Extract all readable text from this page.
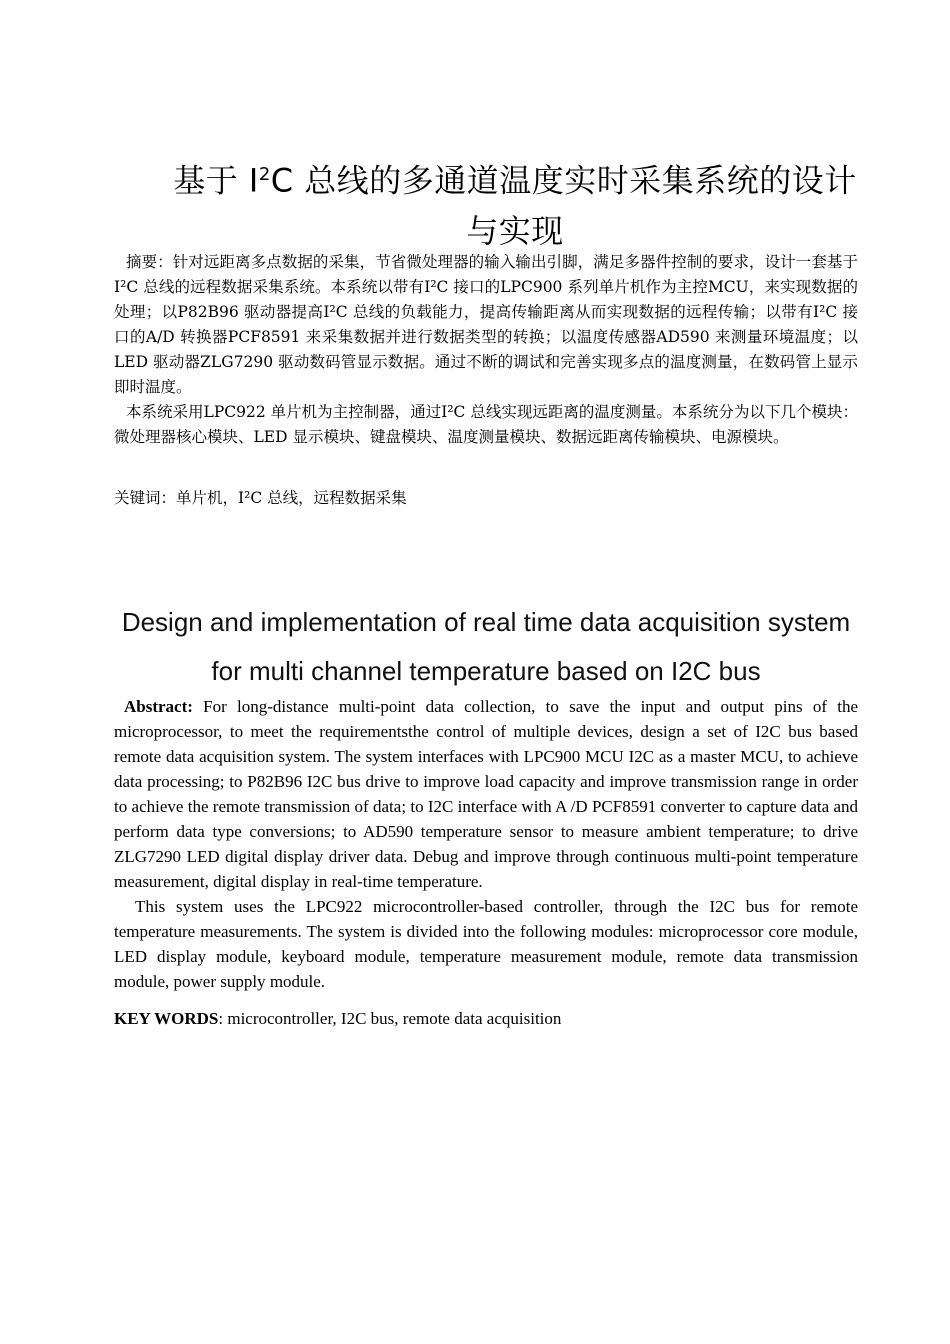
基于 $I^2C$ 总线的多通道温度实时采集系统的设计与实现

摘要：针对远距离多点数据的采集，节省微处理器的输入输出引脚，满足多器件控制的要求，设计一套基于I²C 总线的远程数据采集系统。本系统以带有I²C 接口的LPC900 系列单片机作为主控MCU，来实现数据的处理；以P82B96 驱动器提高I²C 总线的负载能力，提高传输距离从而实现数据的远程传输；以带有I²C 接口的A/D 转换器PCF8591 来采集数据并进行数据类型的转换；以温度传感器AD590 来测量环境温度；以LED 驱动器ZLG7290 驱动数码管显示数据。通过不断的调试和完善实现多点的温度测量，在数码管上显示即时温度。

本系统采用LPC922 单片机为主控制器，通过I²C 总线实现远距离的温度测量。本系统分为以下几个模块：微处理器核心模块、LED 显示模块、键盘模块、温度测量模块、数据远距离传输模块、电源模块。

关键词：单片机，I²C 总线，远程数据采集

Design and implementation of real time data acquisition system
for multi channel temperature based on I2C bus

Abstract: For long-distance multi-point data collection, to save the input and output pins of the microprocessor, to meet the requirementsthe control of multiple devices, design a set of I2C bus based remote data acquisition system. The system interfaces with LPC900 MCU I2C as a master MCU, to achieve data processing; to P82B96 I2C bus drive to improve load capacity and improve transmission range in order to achieve the remote transmission of data; to I2C interface with A /D PCF8591 converter to capture data and perform data type conversions; to AD590 temperature sensor to measure ambient temperature; to drive ZLG7290 LED digital display driver data. Debug and improve through continuous multi-point temperature measurement, digital display in real-time temperature.

This system uses the LPC922 microcontroller-based controller, through the I2C bus for remote temperature measurements. The system is divided into the following modules: microprocessor core module, LED display module, keyboard module, temperature measurement module, remote data transmission module, power supply module.

KEY WORDS: microcontroller, I2C bus, remote data acquisition
